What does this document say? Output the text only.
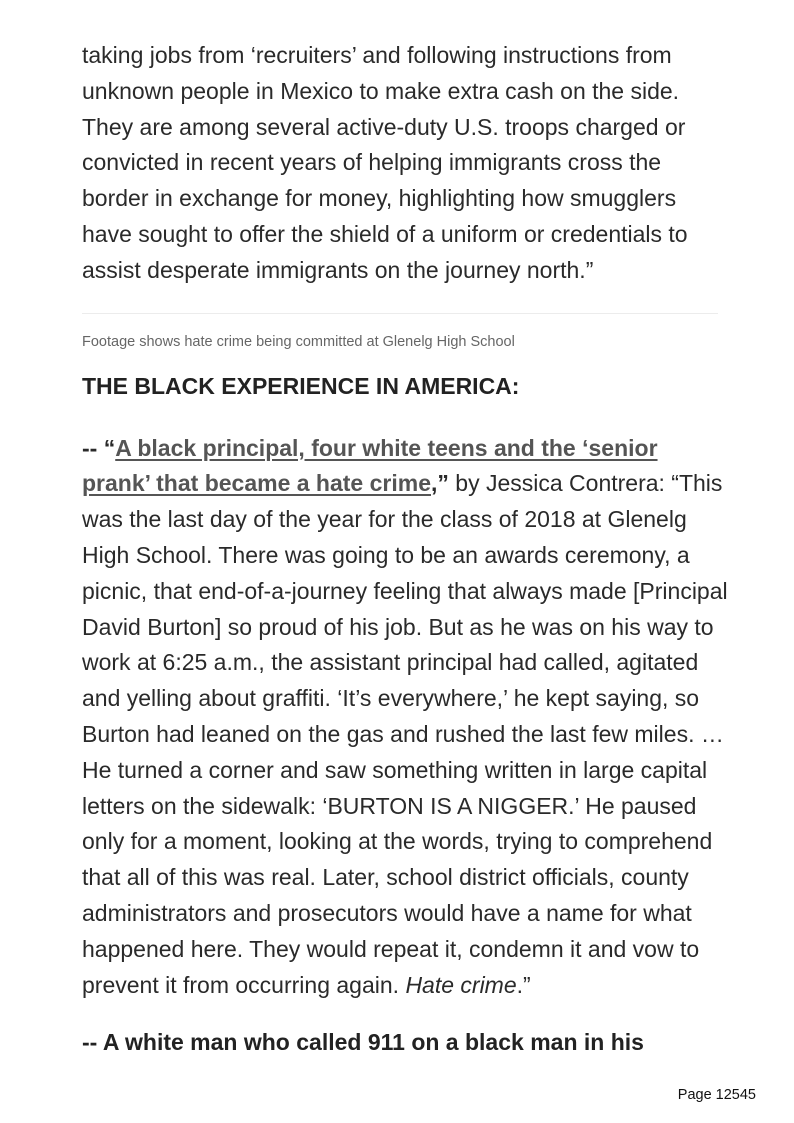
taking jobs from ‘recruiters’ and following instructions from unknown people in Mexico to make extra cash on the side. They are among several active-duty U.S. troops charged or convicted in recent years of helping immigrants cross the border in exchange for money, highlighting how smugglers have sought to offer the shield of a uniform or credentials to assist desperate immigrants on the journey north.”

Footage shows hate crime being committed at Glenelg High School
THE BLACK EXPERIENCE IN AMERICA:

-- “A black principal, four white teens and the ‘senior prank’ that became a hate crime,” by Jessica Contrera: “This was the last day of the year for the class of 2018 at Glenelg High School. There was going to be an awards ceremony, a picnic, that end-of-a-journey feeling that always made [Principal David Burton] so proud of his job. But as he was on his way to work at 6:25 a.m., the assistant principal had called, agitated and yelling about graffiti. ‘It’s everywhere,’ he kept saying, so Burton had leaned on the gas and rushed the last few miles. … He turned a corner and saw something written in large capital letters on the sidewalk: ‘BURTON IS A NIGGER.’ He paused only for a moment, looking at the words, trying to comprehend that all of this was real. Later, school district officials, county administrators and prosecutors would have a name for what happened here. They would repeat it, condemn it and vow to prevent it from occurring again. Hate crime.”

-- A white man who called 911 on a black man in his
Page 12545
